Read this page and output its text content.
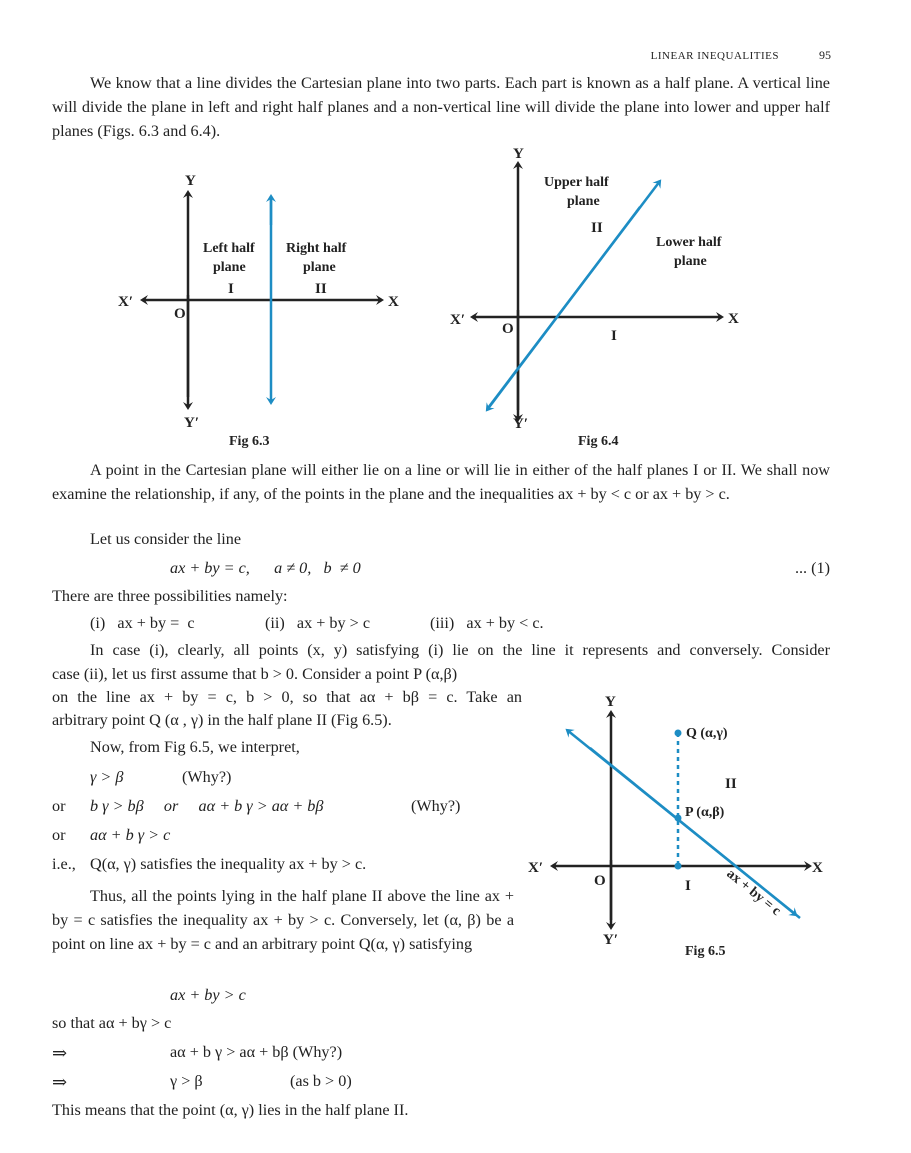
LINEAR INEQUALITIES	95

We know that a line divides the Cartesian plane into two parts. Each part is known as a half plane. A vertical line will divide the plane in left and right half planes and a non-vertical line will divide the plane into lower and upper half planes (Figs. 6.3 and 6.4).

Y
Y′
X
X′
O
Left half
plane
Right half
plane
I	II
Fig 6.3
Y
Y′
X
X′
O
Upper half
plane
II
Lower half
plane
I
Fig 6.4

A point in the Cartesian plane will either lie on a line or will lie in either of the half planes I or II. We shall now examine the relationship, if any, of the points in the plane and the inequalities ax + by < c or ax + by > c.

Let us consider the line
ax + by = c,      a ≠ 0,   b  ≠ 0	... (1)
There are three possibilities namely:
(i)   ax + by =  c	(ii)   ax + by > c	(iii)   ax + by < c.
In case (i), clearly, all points (x, y) satisfying (i) lie on the line it represents and conversely. Consider
case (ii), let us first assume that b > 0. Consider a point P (α,β)
on the line ax + by = c, b > 0, so that aα + bβ = c. Take an
arbitrary point Q (α , γ) in the half plane II (Fig 6.5).
Now, from Fig 6.5, we interpret,
γ > β	(Why?)
or b γ > bβ     or     aα + b γ > aα + bβ	(Why?)
or aα + b γ > c
i.e., Q(α, γ) satisfies the inequality ax + by > c.

Thus, all the points lying in the half plane II above the line ax + by = c satisfies the inequality ax + by > c. Conversely, let (α, β) be a point on line ax + by = c and an arbitrary point Q(α, γ) satisfying

ax + by > c
so that aα + bγ > c
⇒	aα + b γ > aα + bβ (Why?)
⇒	γ > β	(as b > 0)
This means that the point (α, γ) lies in the half plane II.
Y
Y′
X
X′
O
Q (α,γ)
P (α,β)
II
I ax + by = c
Fig 6.5
